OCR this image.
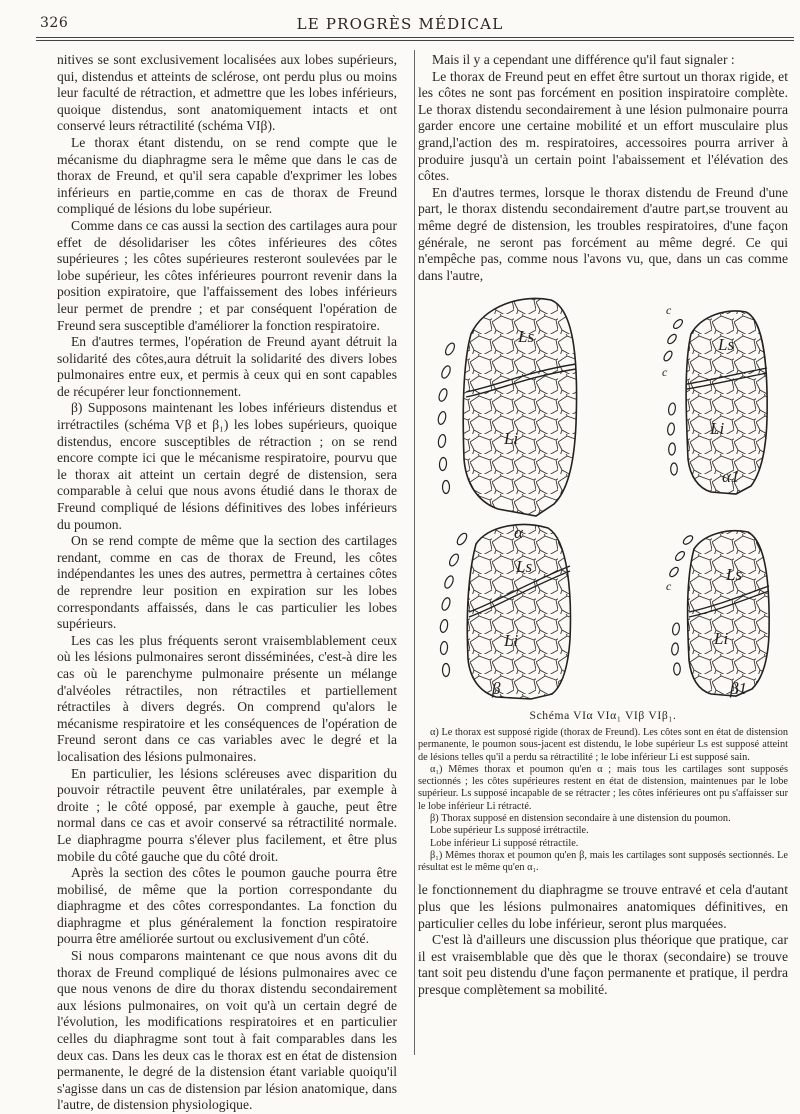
326	LE PROGRÈS MÉDICAL

nitives se sont exclusivement localisées aux lobes supérieurs, qui, distendus et atteints de sclérose, ont perdu plus ou moins leur faculté de rétraction, et admettre que les lobes inférieurs, quoique distendus, sont anatomiquement intacts et ont conservé leurs rétractilité (schéma VIβ).

Le thorax étant distendu, on se rend compte que le mécanisme du diaphragme sera le même que dans le cas de thorax de Freund, et qu'il sera capable d'exprimer les lobes inférieurs en partie,comme en cas de thorax de Freund compliqué de lésions du lobe supérieur.

Comme dans ce cas aussi la section des cartilages aura pour effet de désolidariser les côtes inférieures des côtes supérieures ; les côtes supérieures resteront soulevées par le lobe supérieur, les côtes inférieures pourront revenir dans la position expiratoire, que l'affaissement des lobes inférieurs leur permet de prendre ; et par conséquent l'opération de Freund sera susceptible d'améliorer la fonction respiratoire.

En d'autres termes, l'opération de Freund ayant détruit la solidarité des côtes,aura détruit la solidarité des divers lobes pulmonaires entre eux, et permis à ceux qui en sont capables de récupérer leur fonctionnement.

β) Supposons maintenant les lobes inférieurs distendus et irrétractiles (schéma Vβ et β₁) les lobes supérieurs, quoique distendus, encore susceptibles de rétraction ; on se rend encore compte ici que le mécanisme respiratoire, pourvu que le thorax ait atteint un certain degré de distension, sera comparable à celui que nous avons étudié dans le thorax de Freund compliqué de lésions définitives des lobes inférieurs du poumon.

On se rend compte de même que la section des cartilages rendant, comme en cas de thorax de Freund, les côtes indépendantes les unes des autres, permettra à certaines côtes de reprendre leur position en expiration sur les lobes correspondants affaissés, dans le cas particulier les lobes supérieurs.

Les cas les plus fréquents seront vraisemblablement ceux où les lésions pulmonaires seront disséminées, c'est-à dire les cas où le parenchyme pulmonaire présente un mélange d'alvéoles rétractiles, non rétractiles et partiellement rétractiles à divers degrés. On comprend qu'alors le mécanisme respiratoire et les conséquences de l'opération de Freund seront dans ce cas variables avec le degré et la localisation des lésions pulmonaires.

En particulier, les lésions scléreuses avec disparition du pouvoir rétractile peuvent être unilatérales, par exemple à droite ; le côté opposé, par exemple à gauche, peut être normal dans ce cas et avoir conservé sa rétractilité normale. Le diaphragme pourra s'élever plus facilement, et être plus mobile du côté gauche que du côté droit.

Après la section des côtes le poumon gauche pourra être mobilisé, de même que la portion correspondante du diaphragme et des côtes correspondantes. La fonction du diaphragme et plus généralement la fonction respiratoire pourra être améliorée surtout ou exclusivement d'un côté.

Si nous comparons maintenant ce que nous avons dit du thorax de Freund compliqué de lésions pulmonaires avec ce que nous venons de dire du thorax distendu secondairement aux lésions pulmonaires, on voit qu'à un certain degré de l'évolution, les modifications respiratoires et en particulier celles du diaphragme sont tout à fait comparables dans les deux cas. Dans les deux cas le thorax est en état de distension permanente, le degré de la distension étant variable quoiqu'il s'agisse dans un cas de distension par lésion anatomique, dans l'autre, de distension physiologique.

Mais il y a cependant une différence qu'il faut signaler :

Le thorax de Freund peut en effet être surtout un thorax rigide, et les côtes ne sont pas forcément en position inspiratoire complète. Le thorax distendu secondairement à une lésion pulmonaire pourra garder encore une certaine mobilité et un effort musculaire plus grand,l'action des m. respiratoires, accessoires pourra arriver à produire jusqu'à un certain point l'abaissement et l'élévation des côtes.

En d'autres termes, lorsque le thorax distendu de Freund d'une part, le thorax distendu secondairement d'autre part,se trouvent au même degré de distension, les troubles respiratoires, d'une façon générale, ne seront pas forcément au même degré. Ce qui n'empêche pas, comme nous l'avons vu, que, dans un cas comme dans l'autre,

Ls
Li
c
c
Ls
Li
α1
Ls
Li
β
c
Ls
Li
β1
Schéma VIα VIα₁ VIβ VIβ₁.

α) Le thorax est supposé rigide (thorax de Freund). Les côtes sont en état de distension permanente, le poumon sous-jacent est distendu, le lobe supérieur Ls est supposé atteint de lésions telles qu'il a perdu sa rétractilité ; le lobe inférieur Li est supposé sain.

α₁) Mêmes thorax et poumon qu'en α ; mais tous les cartilages sont supposés sectionnés ; les côtes supérieures restent en état de distension, maintenues par le lobe supérieur. Ls supposé incapable de se rétracter ; les côtes inférieures ont pu s'affaisser sur le lobe inférieur Li rétracté.

β) Thorax supposé en distension secondaire à une distension du poumon.

Lobe supérieur Ls supposé irrétractile.

Lobe inférieur Li supposé rétractile.

β₁) Mêmes thorax et poumon qu'en β, mais les cartilages sont supposés sectionnés. Le résultat est le même qu'en α₁.

le fonctionnement du diaphragme se trouve entravé et cela d'autant plus que les lésions pulmonaires anatomiques définitives, en particulier celles du lobe inférieur, seront plus marquées.

C'est là d'ailleurs une discussion plus théorique que pratique, car il est vraisemblable que dès que le thorax (secondaire) se trouve tant soit peu distendu d'une façon permanente et pratique, il perdra presque complètement sa mobilité.
